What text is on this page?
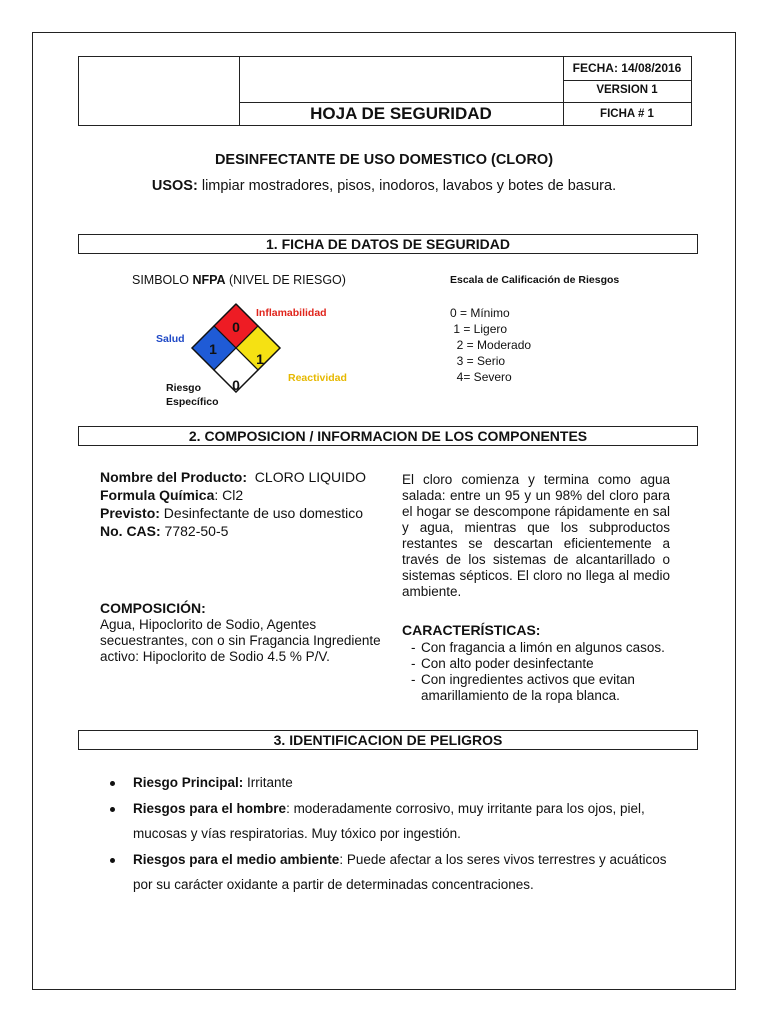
FECHA: 14/08/2016
VERSION 1
FICHA # 1
HOJA DE SEGURIDAD
DESINFECTANTE DE USO DOMESTICO (CLORO)
USOS: limpiar mostradores, pisos, inodoros, lavabos y botes de basura.
1. FICHA DE DATOS DE SEGURIDAD
SIMBOLO NFPA (NIVEL DE RIESGO)
0
1
1
0
Inflamabilidad
Salud
Reactividad
Riesgo
Específico
Escala de Calificación de Riesgos
0 = Mínimo
1 = Ligero
2 = Moderado
3 = Serio
4= Severo
2. COMPOSICION / INFORMACION DE LOS COMPONENTES
Nombre del Producto:  CLORO LIQUIDO
Formula Química: Cl2
Previsto: Desinfectante de uso domestico
No. CAS: 7782-50-5
COMPOSICIÓN:
Agua, Hipoclorito de Sodio, Agentes secuestrantes, con o sin Fragancia Ingrediente activo: Hipoclorito de Sodio 4.5 % P/V.
El cloro comienza y termina como agua salada: entre un 95 y un 98% del cloro para el hogar se descompone rápidamente en sal y agua, mientras que los subproductos restantes se descartan eficientemente a través de los sistemas de alcantarillado o sistemas sépticos. El cloro no llega al medio ambiente.
CARACTERÍSTICAS:
- Con fragancia a limón en algunos casos.
- Con alto poder desinfectante
- Con ingredientes activos que evitan amarillamiento de la ropa blanca.
3. IDENTIFICACION DE PELIGROS
Riesgo Principal: Irritante
Riesgos para el hombre: moderadamente corrosivo, muy irritante para los ojos, piel, mucosas y vías respiratorias. Muy tóxico por ingestión.
Riesgos para el medio ambiente: Puede afectar a los seres vivos terrestres y acuáticos por su carácter oxidante a partir de determinadas concentraciones.
